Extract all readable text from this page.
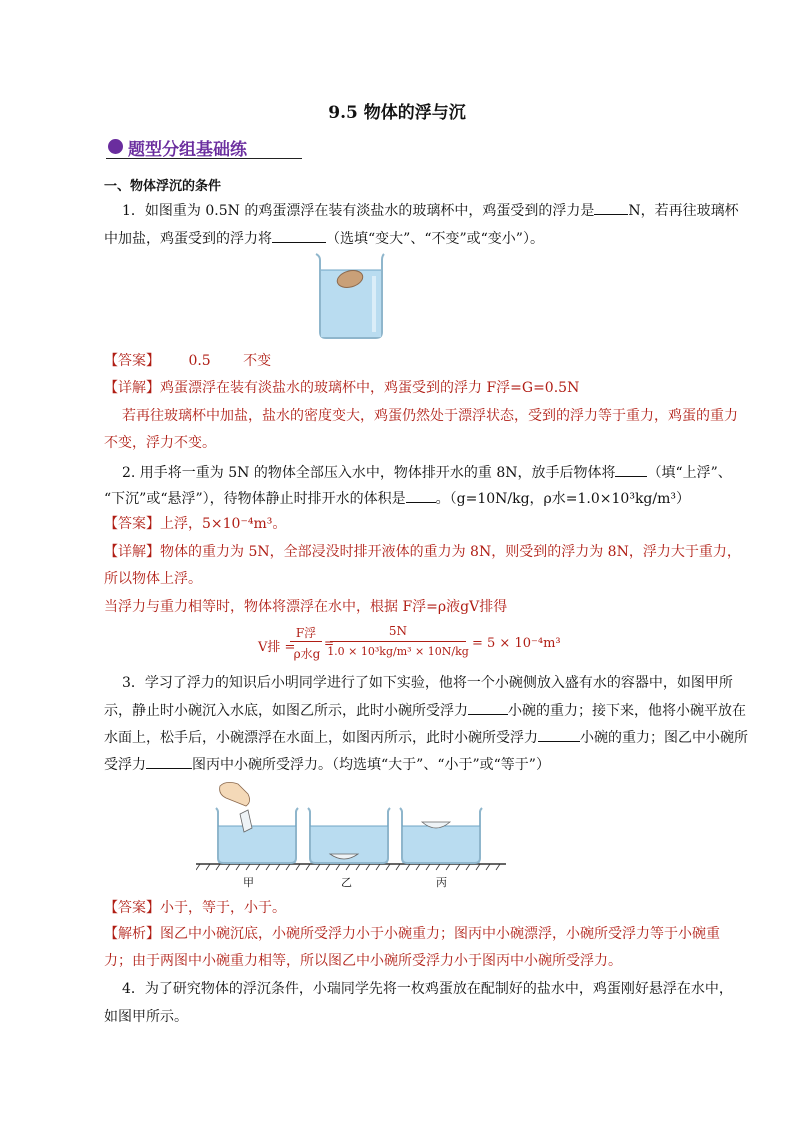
9.5 物体的浮与沉
题型分组基础练
一、物体浮沉的条件
1．如图重为 0.5N 的鸡蛋漂浮在装有淡盐水的玻璃杯中，鸡蛋受到的浮力是 N，若再往玻璃杯
中加盐，鸡蛋受到的浮力将	（选填“变大”、“不变”或“变小”）。
【答案】 0.5 不变
【详解】鸡蛋漂浮在装有淡盐水的玻璃杯中，鸡蛋受到的浮力 F浮=G=0.5N
若再往玻璃杯中加盐，盐水的密度变大，鸡蛋仍然处于漂浮状态，受到的浮力等于重力，鸡蛋的重力
不变，浮力不变。
2. 用手将一重为 5N 的物体全部压入水中，物体排开水的重 8N，放手后物体将 （填“上浮”、
“下沉”或“悬浮”），待物体静止时排开水的体积是 。（g=10N/kg，ρ水=1.0×10³kg/m³）
【答案】上浮，5×10⁻⁴m³。
【详解】物体的重力为 5N，全部浸没时排开液体的重力为 8N，则受到的浮力为 8N，浮力大于重力，
所以物体上浮。
当浮力与重力相等时，物体将漂浮在水中，根据 F浮=ρ液gV排得
V排 =
F浮
ρ水g
=
5N
1.0 × 10³kg/m³ × 10N/kg
= 5 × 10⁻⁴m³
3．学习了浮力的知识后小明同学进行了如下实验，他将一个小碗侧放入盛有水的容器中，如图甲所
示，静止时小碗沉入水底，如图乙所示，此时小碗所受浮力	小碗的重力；接下来，他将小碗平放在
水面上，松手后，小碗漂浮在水面上，如图丙所示，此时小碗所受浮力	小碗的重力；图乙中小碗所
受浮力	图丙中小碗所受浮力。（均选填“大于”、“小于”或“等于”）
甲	乙	丙
【答案】小于，等于，小于。
【解析】图乙中小碗沉底，小碗所受浮力小于小碗重力；图丙中小碗漂浮，小碗所受浮力等于小碗重
力；由于两图中小碗重力相等，所以图乙中小碗所受浮力小于图丙中小碗所受浮力。
4．为了研究物体的浮沉条件，小瑞同学先将一枚鸡蛋放在配制好的盐水中，鸡蛋刚好悬浮在水中，
如图甲所示。
